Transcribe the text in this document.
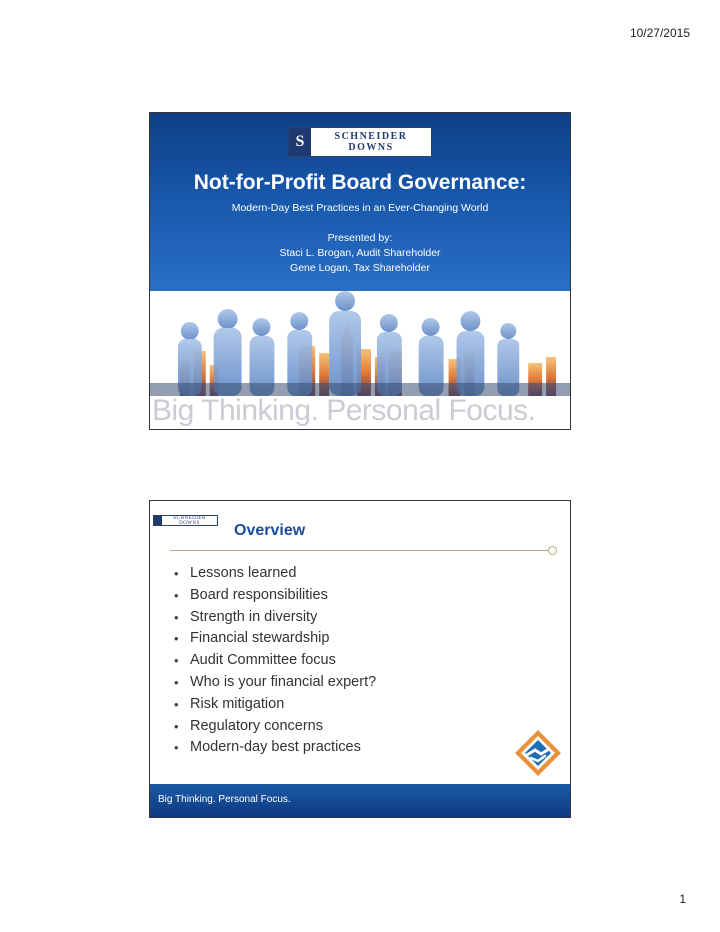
10/27/2015
S	SCHNEIDER DOWNS
Not-for-Profit Board Governance:
Modern-Day Best Practices in an Ever-Changing World
Presented by:
Staci L. Brogan, Audit Shareholder
Gene Logan, Tax Shareholder
Big Thinking. Personal Focus.
SCHNEIDER DOWNS	Overview
• Lessons learned
• Board responsibilities
• Strength in diversity
• Financial stewardship
• Audit Committee focus
• Who is your financial expert?
• Risk mitigation
• Regulatory concerns
• Modern-day best practices
Big Thinking. Personal Focus.
1
